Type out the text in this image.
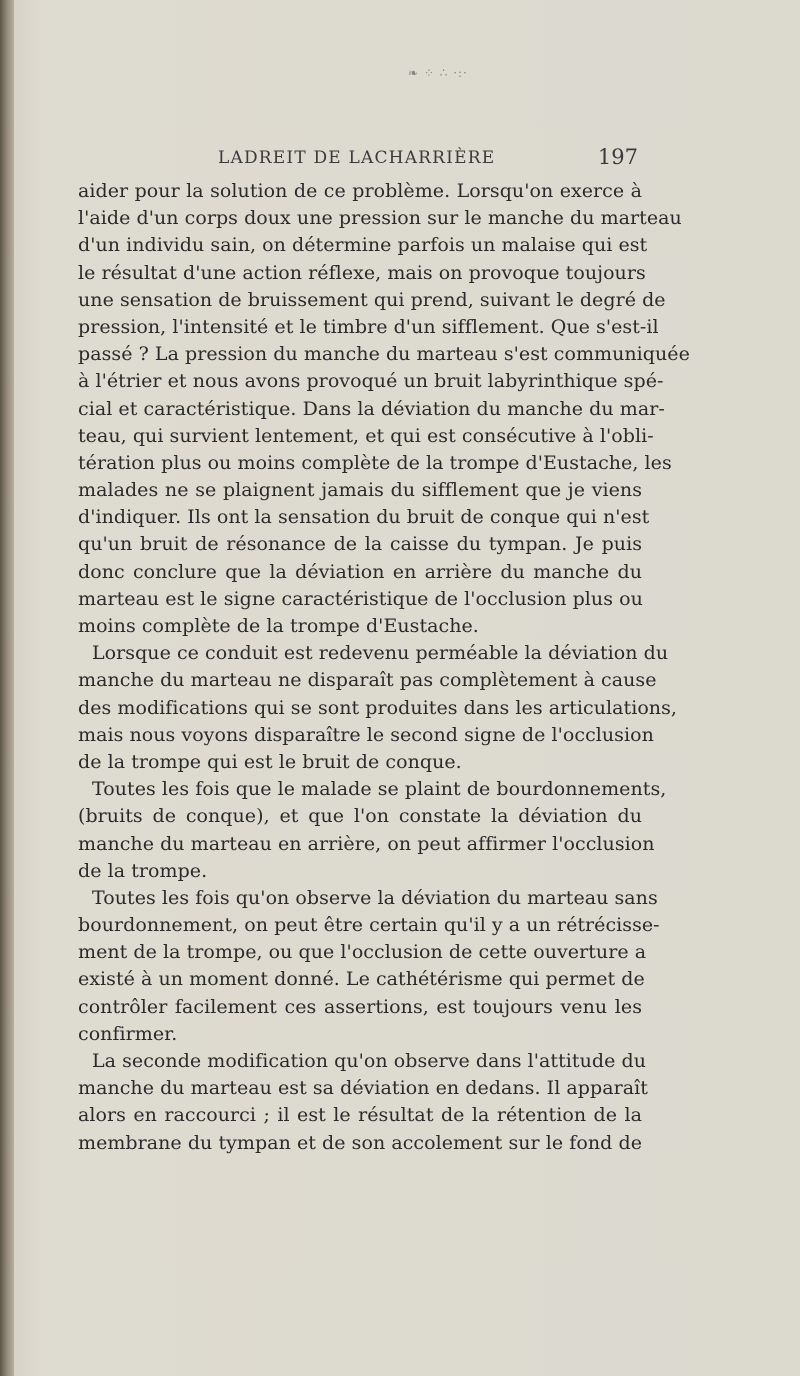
❧ ⁘ ∴ ·:·
LADREIT DE LACHARRIÈRE	197
aider pour la solution de ce problème. Lorsqu'on exerce à
l'aide d'un corps doux une pression sur le manche du marteau
d'un individu sain, on détermine parfois un malaise qui est
le résultat d'une action réflexe, mais on provoque toujours
une sensation de bruissement qui prend, suivant le degré de
pression, l'intensité et le timbre d'un sifflement. Que s'est-il
passé ? La pression du manche du marteau s'est communiquée
à l'étrier et nous avons provoqué un bruit labyrinthique spé-
cial et caractéristique. Dans la déviation du manche du mar-
teau, qui survient lentement, et qui est consécutive à l'obli-
tération plus ou moins complète de la trompe d'Eustache, les
malades ne se plaignent jamais du sifflement que je viens
d'indiquer. Ils ont la sensation du bruit de conque qui n'est
qu'un bruit de résonance de la caisse du tympan. Je puis
donc conclure que la déviation en arrière du manche du
marteau est le signe caractéristique de l'occlusion plus ou
moins complète de la trompe d'Eustache.
Lorsque ce conduit est redevenu perméable la déviation du
manche du marteau ne disparaît pas complètement à cause
des modifications qui se sont produites dans les articulations,
mais nous voyons disparaître le second signe de l'occlusion
de la trompe qui est le bruit de conque.
Toutes les fois que le malade se plaint de bourdonnements,
(bruits de conque), et que l'on constate la déviation du
manche du marteau en arrière, on peut affirmer l'occlusion
de la trompe.
Toutes les fois qu'on observe la déviation du marteau sans
bourdonnement, on peut être certain qu'il y a un rétrécisse-
ment de la trompe, ou que l'occlusion de cette ouverture a
existé à un moment donné. Le cathétérisme qui permet de
contrôler facilement ces assertions, est toujours venu les
confirmer.
La seconde modification qu'on observe dans l'attitude du
manche du marteau est sa déviation en dedans. Il apparaît
alors en raccourci ; il est le résultat de la rétention de la
membrane du tympan et de son accolement sur le fond de
